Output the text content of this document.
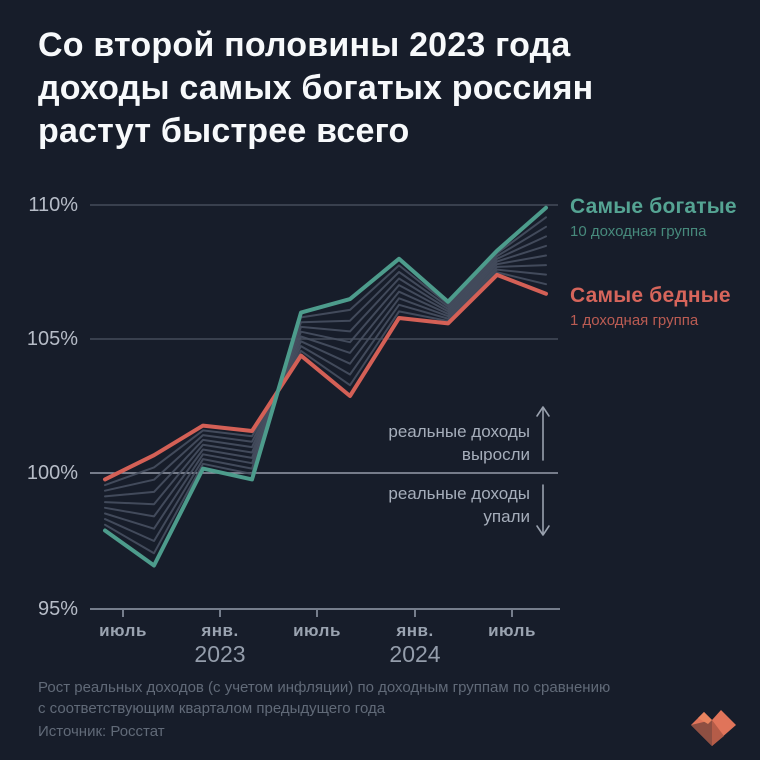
Со второй половины 2023 года
доходы самых богатых россиян
растут быстрее всего
110%
105%
100%
95%
июль	янв.	июль	янв.	июль
2023	2024
Самые богатые
10 доходная группа
Самые бедные
1 доходная группа
реальные доходы
выросли
реальные доходы
упали
Рост реальных доходов (с учетом инфляции) по доходным группам по сравнению
с соответствующим кварталом предыдущего года
Источник: Росстат
